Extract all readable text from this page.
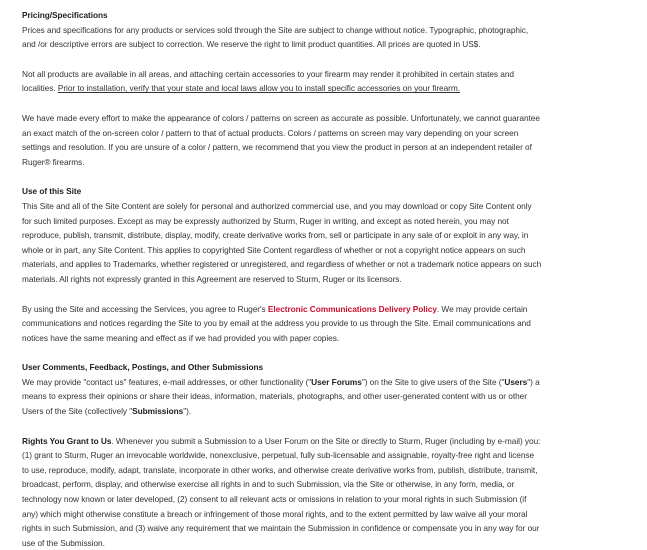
Pricing/Specifications

Prices and specifications for any products or services sold through the Site are subject to change without notice. Typographic, photographic, and /or descriptive errors are subject to correction. We reserve the right to limit product quantities. All prices are quoted in US$.

Not all products are available in all areas, and attaching certain accessories to your firearm may render it prohibited in certain states and localities. Prior to installation, verify that your state and local laws allow you to install specific accessories on your firearm.

We have made every effort to make the appearance of colors / patterns on screen as accurate as possible. Unfortunately, we cannot guarantee an exact match of the on-screen color / pattern to that of actual products. Colors / patterns on screen may vary depending on your screen settings and resolution. If you are unsure of a color / pattern, we recommend that you view the product in person at an independent retailer of Ruger® firearms.

Use of this Site

This Site and all of the Site Content are solely for personal and authorized commercial use, and you may download or copy Site Content only for such limited purposes. Except as may be expressly authorized by Sturm, Ruger in writing, and except as noted herein, you may not reproduce, publish, transmit, distribute, display, modify, create derivative works from, sell or participate in any sale of or exploit in any way, in whole or in part, any Site Content. This applies to copyrighted Site Content regardless of whether or not a copyright notice appears on such materials, and applies to Trademarks, whether registered or unregistered, and regardless of whether or not a trademark notice appears on such materials. All rights not expressly granted in this Agreement are reserved to Sturm, Ruger or its licensors.

By using the Site and accessing the Services, you agree to Ruger's Electronic Communications Delivery Policy. We may provide certain communications and notices regarding the Site to you by email at the address you provide to us through the Site. Email communications and notices have the same meaning and effect as if we had provided you with paper copies.

User Comments, Feedback, Postings, and Other Submissions

We may provide "contact us" features, e-mail addresses, or other functionality ("User Forums") on the Site to give users of the Site ("Users") a means to express their opinions or share their ideas, information, materials, photographs, and other user-generated content with us or other Users of the Site (collectively "Submissions").

Rights You Grant to Us. Whenever you submit a Submission to a User Forum on the Site or directly to Sturm, Ruger (including by e-mail) you: (1) grant to Sturm, Ruger an irrevocable worldwide, nonexclusive, perpetual, fully sub-licensable and assignable, royalty-free right and license to use, reproduce, modify, adapt, translate, incorporate in other works, and otherwise create derivative works from, publish, distribute, transmit, broadcast, perform, display, and otherwise exercise all rights in and to such Submission, via the Site or otherwise, in any form, media, or technology now known or later developed, (2) consent to all relevant acts or omissions in relation to your moral rights in such Submission (if any) which might otherwise constitute a breach or infringement of those moral rights, and to the extent permitted by law waive all your moral rights in such Submission, and (3) waive any requirement that we maintain the Submission in confidence or compensate you in any way for our use of the Submission.
